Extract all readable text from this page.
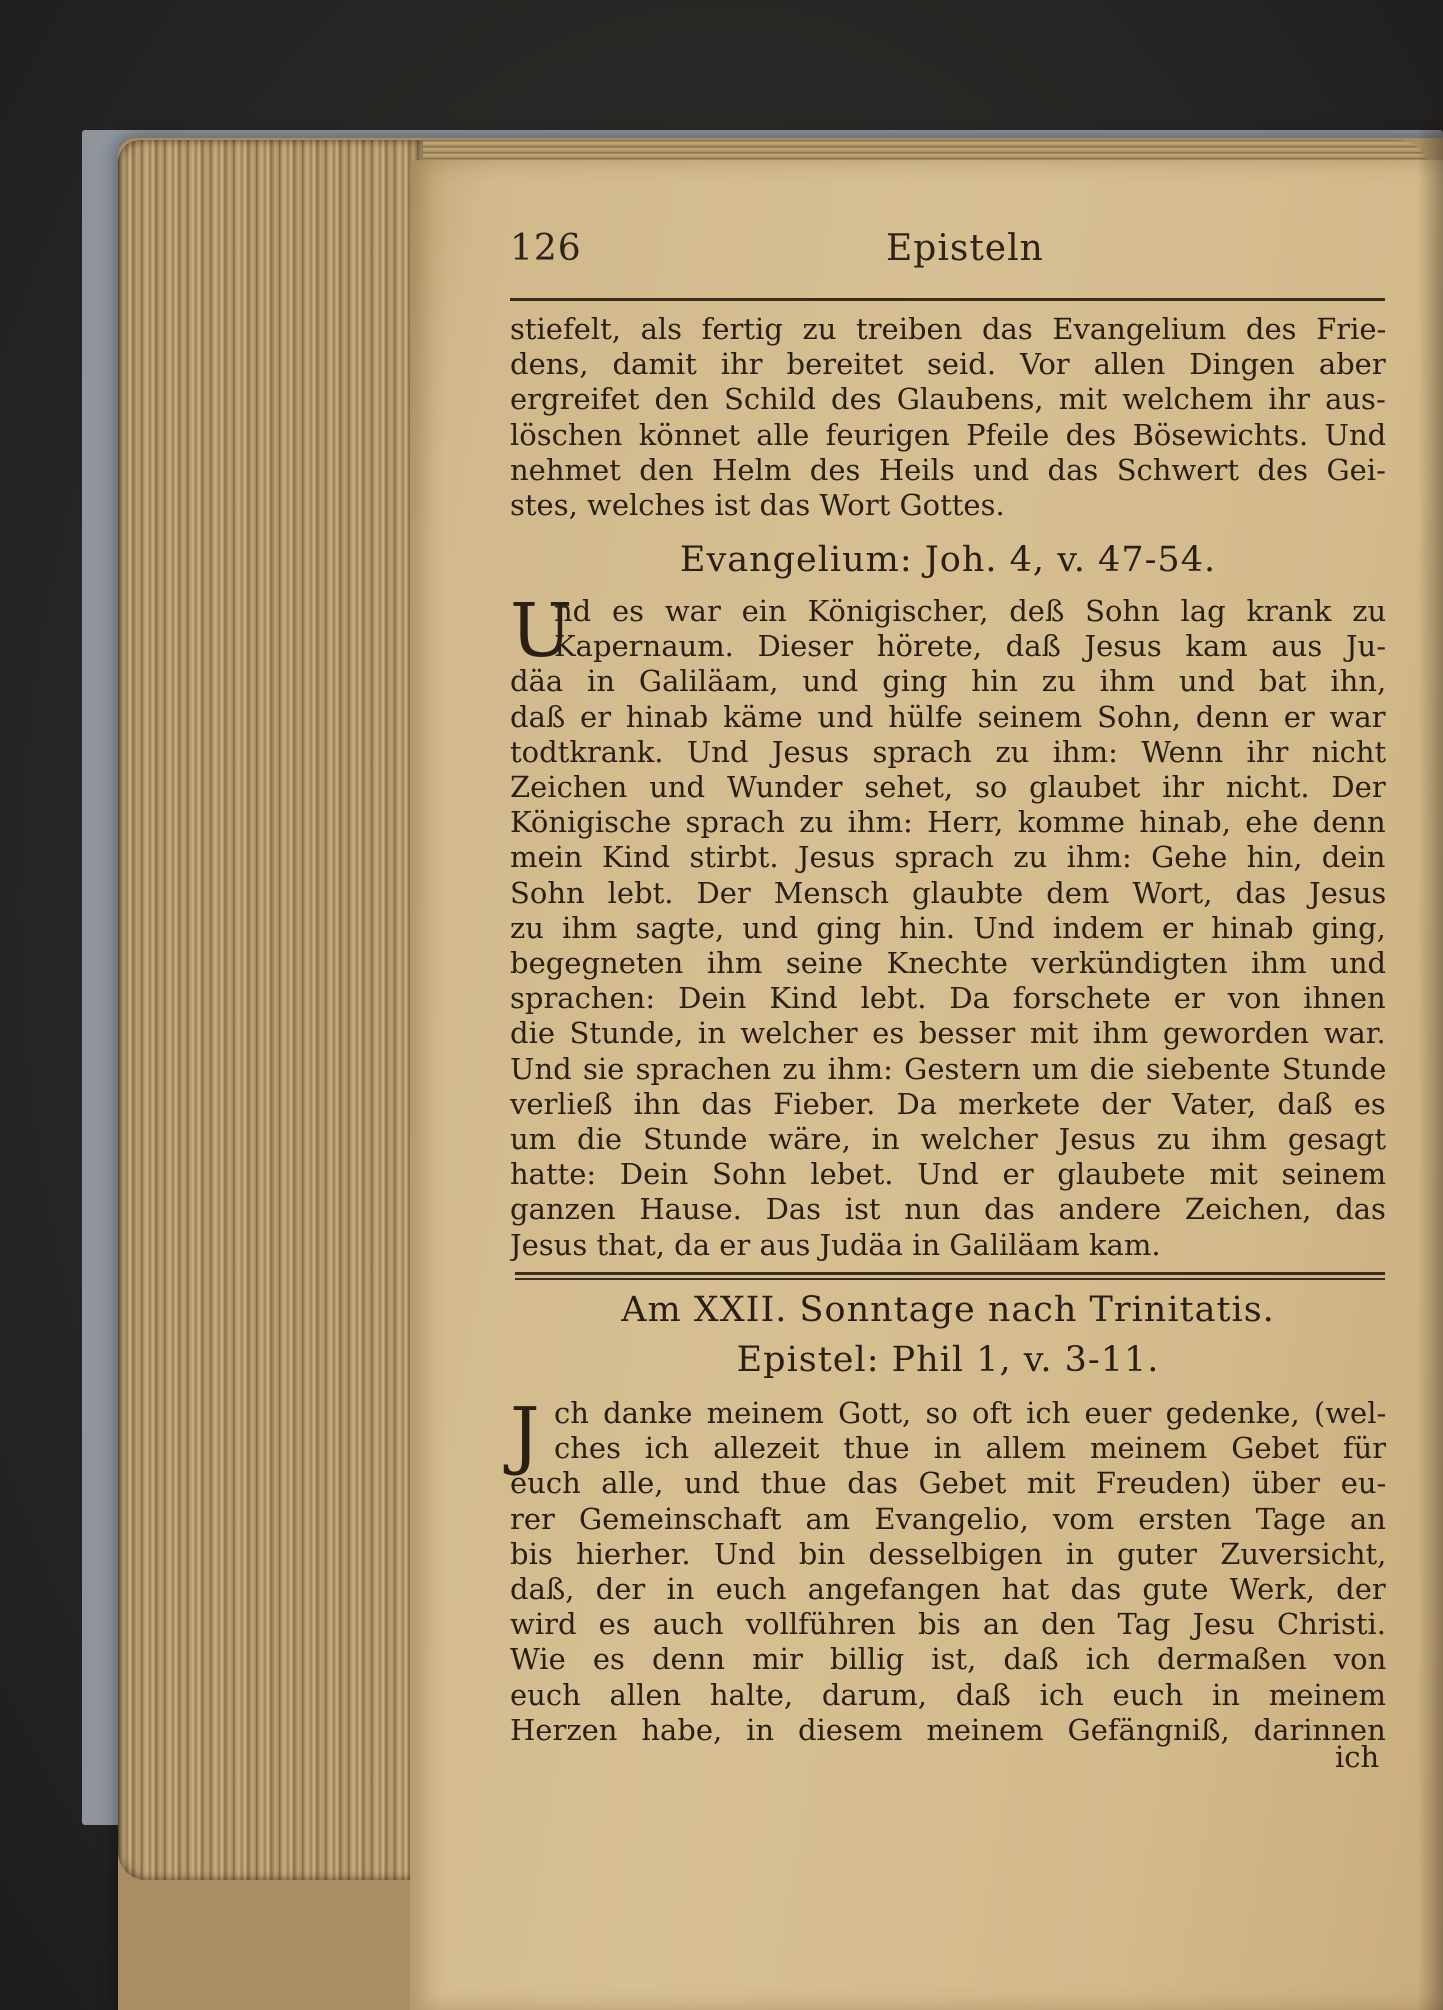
126	Episteln
stiefelt, als fertig zu treiben das Evangelium des Frie-
dens, damit ihr bereitet seid. Vor allen Dingen aber
ergreifet den Schild des Glaubens, mit welchem ihr aus-
löschen könnet alle feurigen Pfeile des Bösewichts. Und
nehmet den Helm des Heils und das Schwert des Gei-
stes, welches ist das Wort Gottes.
Evangelium: Joh. 4, v. 47-54.
U
nd es war ein Königischer, deß Sohn lag krank zu
Kapernaum. Dieser hörete, daß Jesus kam aus Ju-
däa in Galiläam, und ging hin zu ihm und bat ihn,
daß er hinab käme und hülfe seinem Sohn, denn er war
todtkrank. Und Jesus sprach zu ihm: Wenn ihr nicht
Zeichen und Wunder sehet, so glaubet ihr nicht. Der
Königische sprach zu ihm: Herr, komme hinab, ehe denn
mein Kind stirbt. Jesus sprach zu ihm: Gehe hin, dein
Sohn lebt. Der Mensch glaubte dem Wort, das Jesus
zu ihm sagte, und ging hin. Und indem er hinab ging,
begegneten ihm seine Knechte verkündigten ihm und
sprachen: Dein Kind lebt. Da forschete er von ihnen
die Stunde, in welcher es besser mit ihm geworden war.
Und sie sprachen zu ihm: Gestern um die siebente Stunde
verließ ihn das Fieber. Da merkete der Vater, daß es
um die Stunde wäre, in welcher Jesus zu ihm gesagt
hatte: Dein Sohn lebet. Und er glaubete mit seinem
ganzen Hause. Das ist nun das andere Zeichen, das
Jesus that, da er aus Judäa in Galiläam kam.
Am XXII. Sonntage nach Trinitatis.
Epistel: Phil 1, v. 3-11.
J ch danke meinem Gott, so oft ich euer gedenke, (wel-
ches ich allezeit thue in allem meinem Gebet für
euch alle, und thue das Gebet mit Freuden) über eu-
rer Gemeinschaft am Evangelio, vom ersten Tage an
bis hierher. Und bin desselbigen in guter Zuversicht,
daß, der in euch angefangen hat das gute Werk, der
wird es auch vollführen bis an den Tag Jesu Christi.
Wie es denn mir billig ist, daß ich dermaßen von
euch allen halte, darum, daß ich euch in meinem
Herzen habe, in diesem meinem Gefängniß, darinnen
ich
